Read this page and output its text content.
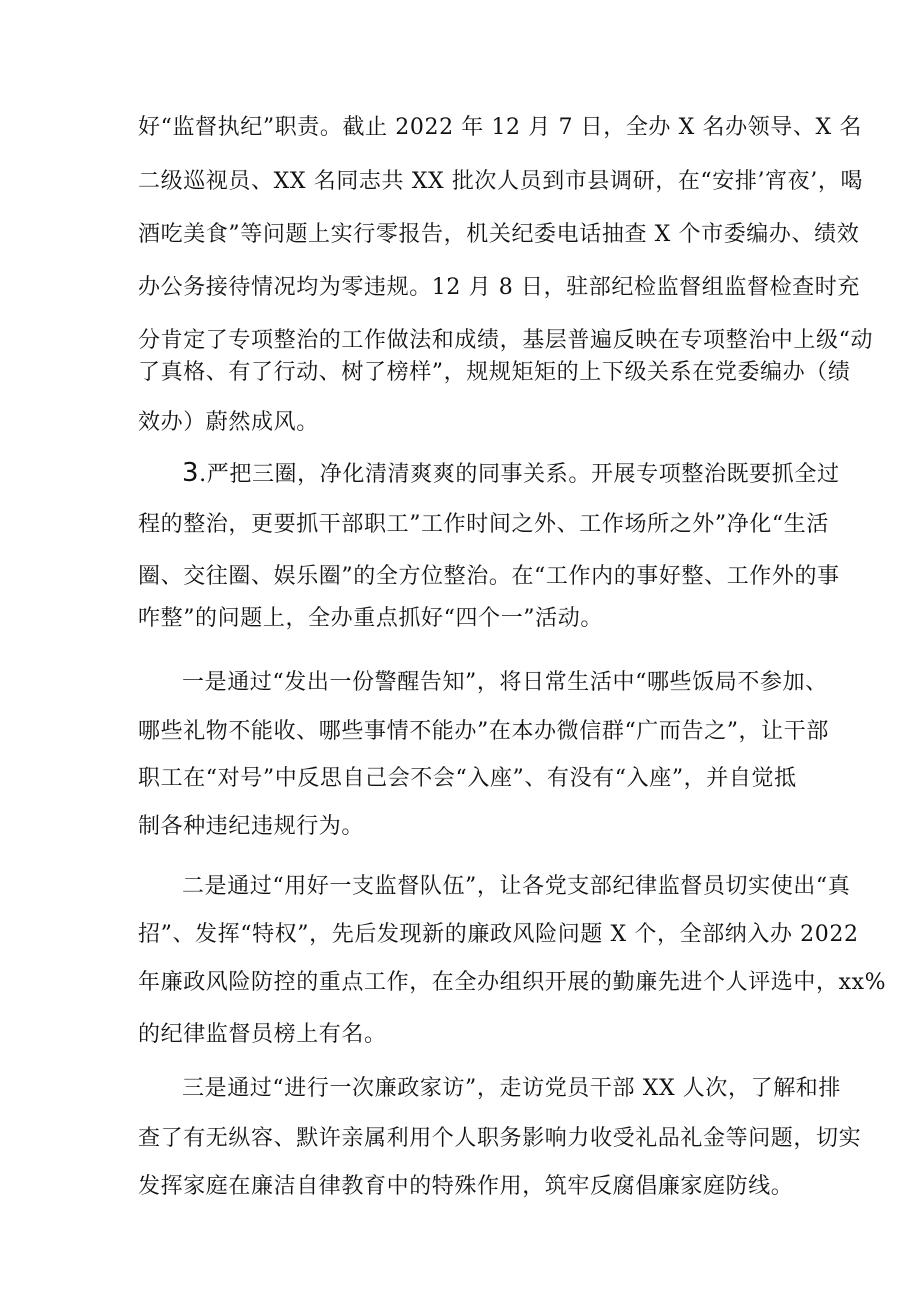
好“监督执纪”职责。截止 2022 年 12 月 7 日，全办 X 名办领导、X 名
二级巡视员、XX 名同志共 XX 批次人员到市县调研，在“安排’宵夜’，喝
酒吃美食”等问题上实行零报告，机关纪委电话抽查 X 个市委编办、绩效
办公务接待情况均为零违规。12 月 8 日，驻部纪检监督组监督检查时充
分肯定了专项整治的工作做法和成绩，基层普遍反映在专项整治中上级“动
了真格、有了行动、树了榜样”，规规矩矩的上下级关系在党委编办（绩
效办）蔚然成风。
3.严把三圈，净化清清爽爽的同事关系。开展专项整治既要抓全过
程的整治，更要抓干部职工”工作时间之外、工作场所之外”净化“生活
圈、交往圈、娱乐圈”的全方位整治。在“工作内的事好整、工作外的事
咋整”的问题上，全办重点抓好“四个一”活动。
一是通过“发出一份警醒告知”，将日常生活中“哪些饭局不参加、
哪些礼物不能收、哪些事情不能办”在本办微信群“广而告之”，让干部
职工在“对号”中反思自己会不会“入座”、有没有“入座”，并自觉抵
制各种违纪违规行为。
二是通过“用好一支监督队伍”，让各党支部纪律监督员切实使出“真
招”、发挥“特权”，先后发现新的廉政风险问题 X 个，全部纳入办 2022
年廉政风险防控的重点工作，在全办组织开展的勤廉先进个人评选中，xx%
的纪律监督员榜上有名。
三是通过“进行一次廉政家访”，走访党员干部 XX 人次，了解和排
查了有无纵容、默许亲属利用个人职务影响力收受礼品礼金等问题，切实
发挥家庭在廉洁自律教育中的特殊作用，筑牢反腐倡廉家庭防线。
